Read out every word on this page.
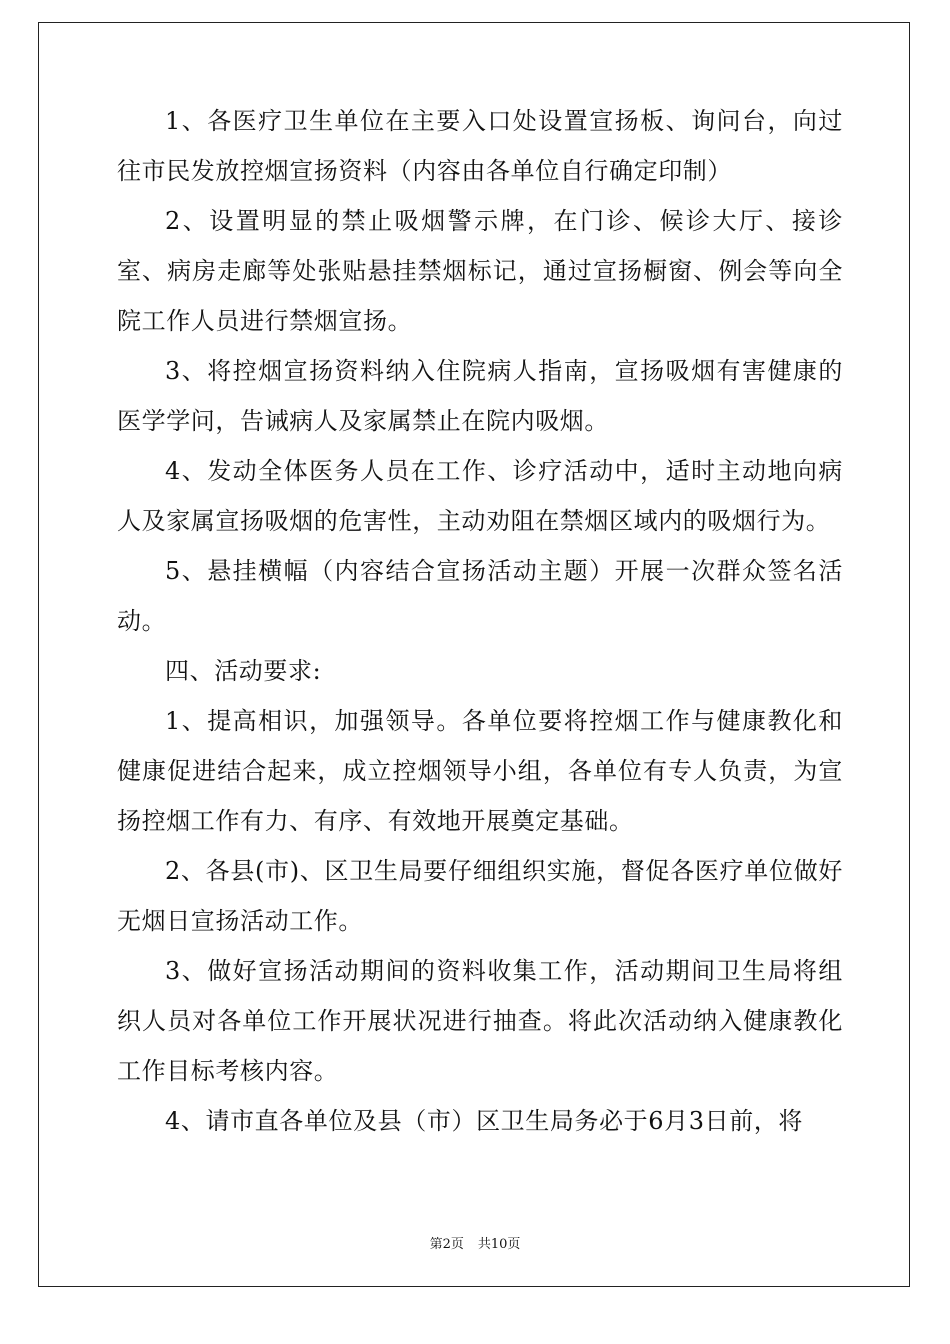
1、各医疗卫生单位在主要入口处设置宣扬板、询问台，向过往市民发放控烟宣扬资料（内容由各单位自行确定印制）

2、设置明显的禁止吸烟警示牌，在门诊、候诊大厅、接诊室、病房走廊等处张贴悬挂禁烟标记，通过宣扬橱窗、例会等向全院工作人员进行禁烟宣扬。

3、将控烟宣扬资料纳入住院病人指南，宣扬吸烟有害健康的医学学问，告诫病人及家属禁止在院内吸烟。

4、发动全体医务人员在工作、诊疗活动中，适时主动地向病人及家属宣扬吸烟的危害性，主动劝阻在禁烟区域内的吸烟行为。

5、悬挂横幅（内容结合宣扬活动主题）开展一次群众签名活动。

四、活动要求:

1、提高相识，加强领导。各单位要将控烟工作与健康教化和健康促进结合起来，成立控烟领导小组，各单位有专人负责，为宣扬控烟工作有力、有序、有效地开展奠定基础。

2、各县(市)、区卫生局要仔细组织实施，督促各医疗单位做好无烟日宣扬活动工作。

3、做好宣扬活动期间的资料收集工作，活动期间卫生局将组织人员对各单位工作开展状况进行抽查。将此次活动纳入健康教化工作目标考核内容。

4、请市直各单位及县（市）区卫生局务必于6月3日前，将

第2页 共10页
